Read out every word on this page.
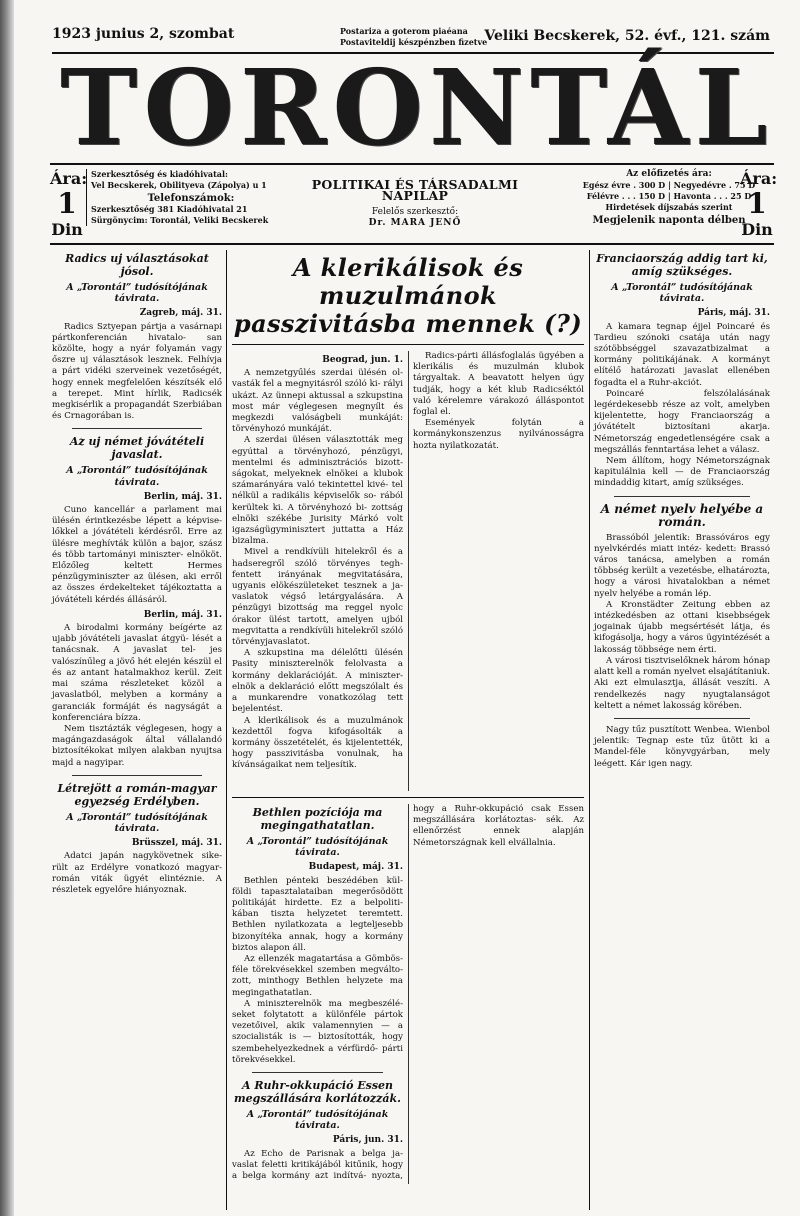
1923 junius 2, szombat	Postariza a goterom piaéana
Postaviteldij készpénzben fizetve
Veliki Becskerek, 52. évf., 121. szám
TORONTÁL
Ára:
1
Din
Szerkesztőség és kiadóhivatal:
Vel Becskerek, Obilityeva (Zápolya) u 1
Telefonszámok:
Szerkesztőség 381 Kiadóhivatal 21
Sürgönycim: Torontál, Veliki Becskerek
POLITIKAI ÉS TÁRSADALMI NAPILAP
Felelős szerkesztő:
Dr. MARA JENŐ
Az előfizetés ára:
Egész évre . 300 D | Negyedévre . 75 D
Félévre . . . 150 D | Havonta . . . 25 D
Hirdetések díjszabás szerint
Megjelenik naponta délben
Ára:
1
Din
Radics uj választásokat jósol.
A „Torontál” tudósítójának távirata.
Zagreb, máj. 31.

Radics Sztyepan pártja a vasárnapi pártkonferencián hivatalo- san közölte, hogy a nyár folyamán vagy őszre uj választások lesznek. Felhívja a párt vidéki szerveinek vezetőségét, hogy ennek megfelelően készítsék elő a terepet. Mint hírlik, Radicsék megkisérlik a propagandát Szerbiában és Crnagorában is.

Az uj német jóvátételi javaslat.
A „Torontál” tudósítójának távirata.
Berlin, máj. 31.

Cuno kancellár a parlament mai ülésén érintkezésbe lépett a képvise- lőkkel a jóvátételi kérdésről. Erre az ülésre meghívták külön a bajor, szász és több tartományi miniszter- elnököt. Előzőleg keltett Hermes pénzügyminiszter az ülésen, aki erről az összes érdekelteket tájékoztatta a jóvátételi kérdés állásáról.

Berlin, máj. 31.

A birodalmi kormány beígérte az ujabb jóvátételi javaslat átgyü- lését a tanácsnak. A javaslat tel- jes valószínűleg a jövő hét elején készül el és az antant hatalmakhoz kerül. Zeit mai száma részleteket közöl a javaslatból, melyben a kormány a garanciák formáját és nagyságát a konferenciára bízza.

Nem tisztázták véglegesen, hogy a magángazdaságok által vállalandó biztosítékokat milyen alakban nyujtsa majd a nagyipar.

Létrejött a román-magyar egyezség Erdélyben.
A „Torontál” tudósítójának távirata.
Brüsszel, máj. 31.

Adatci japán nagykövetnek sike- rült az Erdélyre vonatkozó magyar- román viták ügyét elintéznie. A részletek egyelőre hiányoznak.

A klerikálisok és muzulmánok passzivitásba mennek (?)
Beograd, jun. 1.

A nemzetgyűlés szerdai ülésén ol- vasták fel a megnyitásról szóló ki- rályi ukázt. Az ünnepi aktussal a szkupstina most már véglegesen megnyílt és megkezdi valóságbeli munkáját: törvényhozó munkáját.

A szerdai ülésen választották meg egyúttal a törvényhozó, pénzügyi, mentelmi és adminisztrációs bizott- ságokat, melyeknek elnökei a klubok számarányára való tekintettel kivé- tel nélkül a radikális képviselők so- rából kerültek ki. A törvényhozó bi- zottság elnöki székébe Jurisity Márkó volt igazságügyminisztert juttatta a Ház bizalma.

Mivel a rendkívüli hitelekről és a hadseregről szóló törvényes tegh- fentett irányának megvitatására, ugyanis elökészületeket tesznek a ja- vaslatok végső letárgyalására. A pénzügyi bizottság ma reggel nyolc órakor ülést tartott, amelyen ujból megvitatta a rendkívüli hitelekről szóló törvényjavaslatot.

A szkupstina ma délelőtti ülésén Pasity miniszterelnök felolvasta a kormány deklarációját. A miniszter- elnök a deklaráció előtt megszólalt és a munkarendre vonatkozólag tett bejelentést.

A klerikálisok és a muzulmánok kezdettől fogva kifogásolták a kormány összetételét, és kijelentették, hogy passzivitásba vonulnak, ha kívánságaikat nem teljesítik.

Radics-párti állásfoglalás ügyében a klerikális és muzulmán klubok tárgyaltak. A beavatott helyen úgy tudják, hogy a két klub Radicséktól való kérelemre várakozó álláspontot foglal el.

Események folytán a kormánykonszenzus nyilvánosságra hozta nyilatkozatát.

Bethlen pozíciója ma megingathatatlan.
A „Torontál” tudósítójának távirata.
Budapest, máj. 31.

Bethlen pénteki beszédében kül- földi tapasztalataiban megerősödött politikáját hirdette. Ez a belpoliti- kában tiszta helyzetet teremtett. Bethlen nyilatkozata a legteljesebb bizonyítéka annak, hogy a kormány biztos alapon áll.

Az ellenzék magatartása a Gömbös- féle törekvésekkel szemben megválto- zott, minthogy Bethlen helyzete ma megingathatatlan.

A miniszterelnök ma megbeszélé- seket folytatott a különféle pártok vezetőivel, akik valamennyien — a szocialisták is — biztosították, hogy szembehelyezkednek a vérfürdő- párti törekvésekkel.

A Ruhr-okkupáció Essen megszállására korlátozzák.
A „Torontál” tudósítójának távirata.
Páris, jun. 31.

Az Echo de Parisnak a belga ja- vaslat feletti kritikájából kitűnik, hogy a belga kormány azt indítvá- nyozta, hogy a Ruhr-okkupáció csak Essen megszállására korlátoztas- sék. Az ellenőrzést ennek alapján Németországnak kell elvállalnia.

Franciaország addig tart ki, amíg szükséges.
A „Torontál” tudósítójának távirata.
Páris, máj. 31.

A kamara tegnap éjjel Poincaré és Tardieu szónoki csatája után nagy szótöbbséggel szavazatbizalmat a kormány politikájának. A kormányt elítélő határozati javaslat ellenében fogadta el a Ruhr-akciót.

Poincaré felszólalásának legérdekesebb része az volt, amelyben kijelentette, hogy Franciaország a jóvátételt biztosítani akarja. Németország engedetlenségére csak a megszállás fenntartása lehet a válasz.

Nem állítom, hogy Németországnak kapitulálnia kell — de Franciaország mindaddig kitart, amíg szükséges.

A német nyelv helyébe a román.

Brassóból jelentik: Brassóváros egy nyelvkérdés miatt intéz- kedett: Brassó város tanácsa, amelyben a román többség került a vezetésbe, elhatározta, hogy a városi hivatalokban a német nyelv helyébe a román lép.

A Kronstädter Zeitung ebben az intézkedésben az ottani kisebbségek jogainak újabb megsértését látja, és kifogásolja, hogy a város ügyintézését a lakosság többsége nem érti.

A városi tisztviselőknek három hónap alatt kell a román nyelvet elsajátítaniuk. Aki ezt elmulasztja, állását veszíti. A rendelkezés nagy nyugtalanságot keltett a német lakosság körében.

Nagy tűz pusztított Wenbea. Wienbol jelentik: Tegnap este tűz ütött ki a Mandel-féle könyvgyárban, mely leégett. Kár igen nagy.
